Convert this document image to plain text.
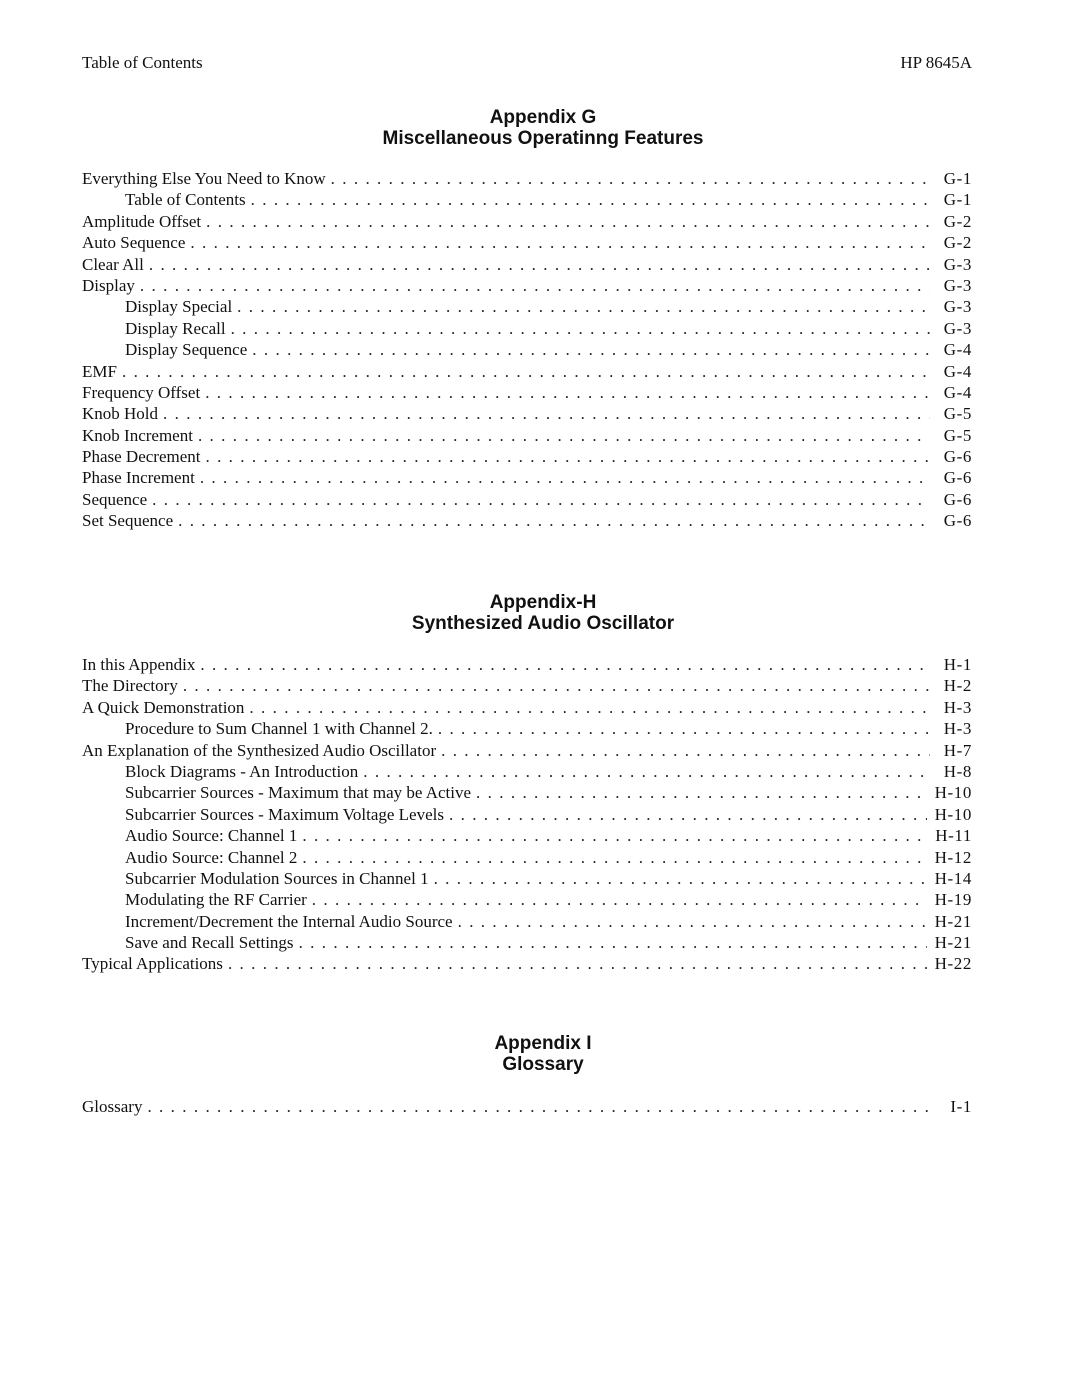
Table of Contents	HP 8645A
Appendix G
Miscellaneous Operatinng Features
Everything Else You Need to Know . . .	G-1
Table of Contents . . .	G-1
Amplitude Offset . . .	G-2
Auto Sequence . . .	G-2
Clear All . . .	G-3
Display . . .	G-3
Display Special . . .	G-3
Display Recall . . .	G-3
Display Sequence . . .	G-4
EMF . . .	G-4
Frequency Offset . . .	G-4
Knob Hold . . .	G-5
Knob Increment . . .	G-5
Phase Decrement . . .	G-6
Phase Increment . . .	G-6
Sequence . . .	G-6
Set Sequence . . .	G-6
Appendix-H
Synthesized Audio Oscillator
In this Appendix . . .	H-1
The Directory . . .	H-2
A Quick Demonstration . . .	H-3
Procedure to Sum Channel 1 with Channel 2. . . .	H-3
An Explanation of the Synthesized Audio Oscillator . . .	H-7
Block Diagrams - An Introduction . . .	H-8
Subcarrier Sources - Maximum that may be Active . . .	H-10
Subcarrier Sources - Maximum Voltage Levels . . .	H-10
Audio Source: Channel 1 . . .	H-11
Audio Source: Channel 2 . . .	H-12
Subcarrier Modulation Sources in Channel 1 . . .	H-14
Modulating the RF Carrier . . .	H-19
Increment/Decrement the Internal Audio Source . . .	H-21
Save and Recall Settings . . .	H-21
Typical Applications . . .	H-22
Appendix I
Glossary
Glossary . . .	I-1
